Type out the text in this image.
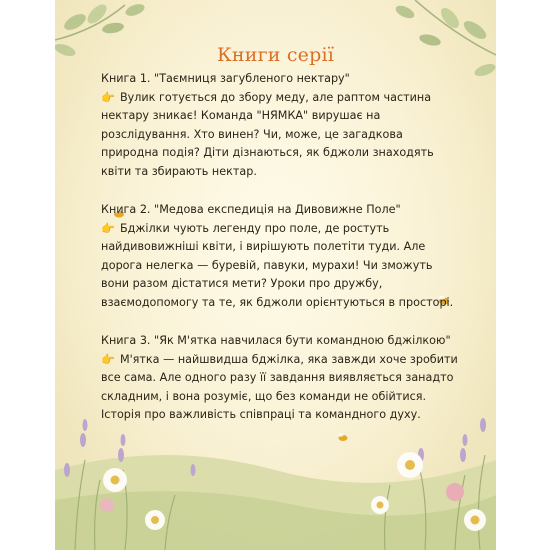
Книги серії

Книга 1. "Таємниця загубленого нектару"
👉 Вулик готується до збору меду, але раптом частина нектару зникає! Команда "НЯМКА" вирушає на розслідування. Хто винен? Чи, може, це загадкова природна подія? Діти дізнаються, як бджоли знаходять квіти та збирають нектар.

Книга 2. "Медова експедиція на Дивовижне Поле"
👉 Бджілки чують легенду про поле, де ростуть найдивовижніші квіти, і вирішують полетіти туди. Але дорога нелегка — буревій, павуки, мурахи! Чи зможуть вони разом дістатися мети? Уроки про дружбу, взаємодопомогу та те, як бджоли орієнтуються в просторі.

Книга 3. "Як М'ятка навчилася бути командною бджілкою"
👉 М'ятка — найшвидша бджілка, яка завжди хоче зробити все сама. Але одного разу її завдання виявляється занадто складним, і вона розуміє, що без команди не обійтися. Історія про важливість співпраці та командного духу.
